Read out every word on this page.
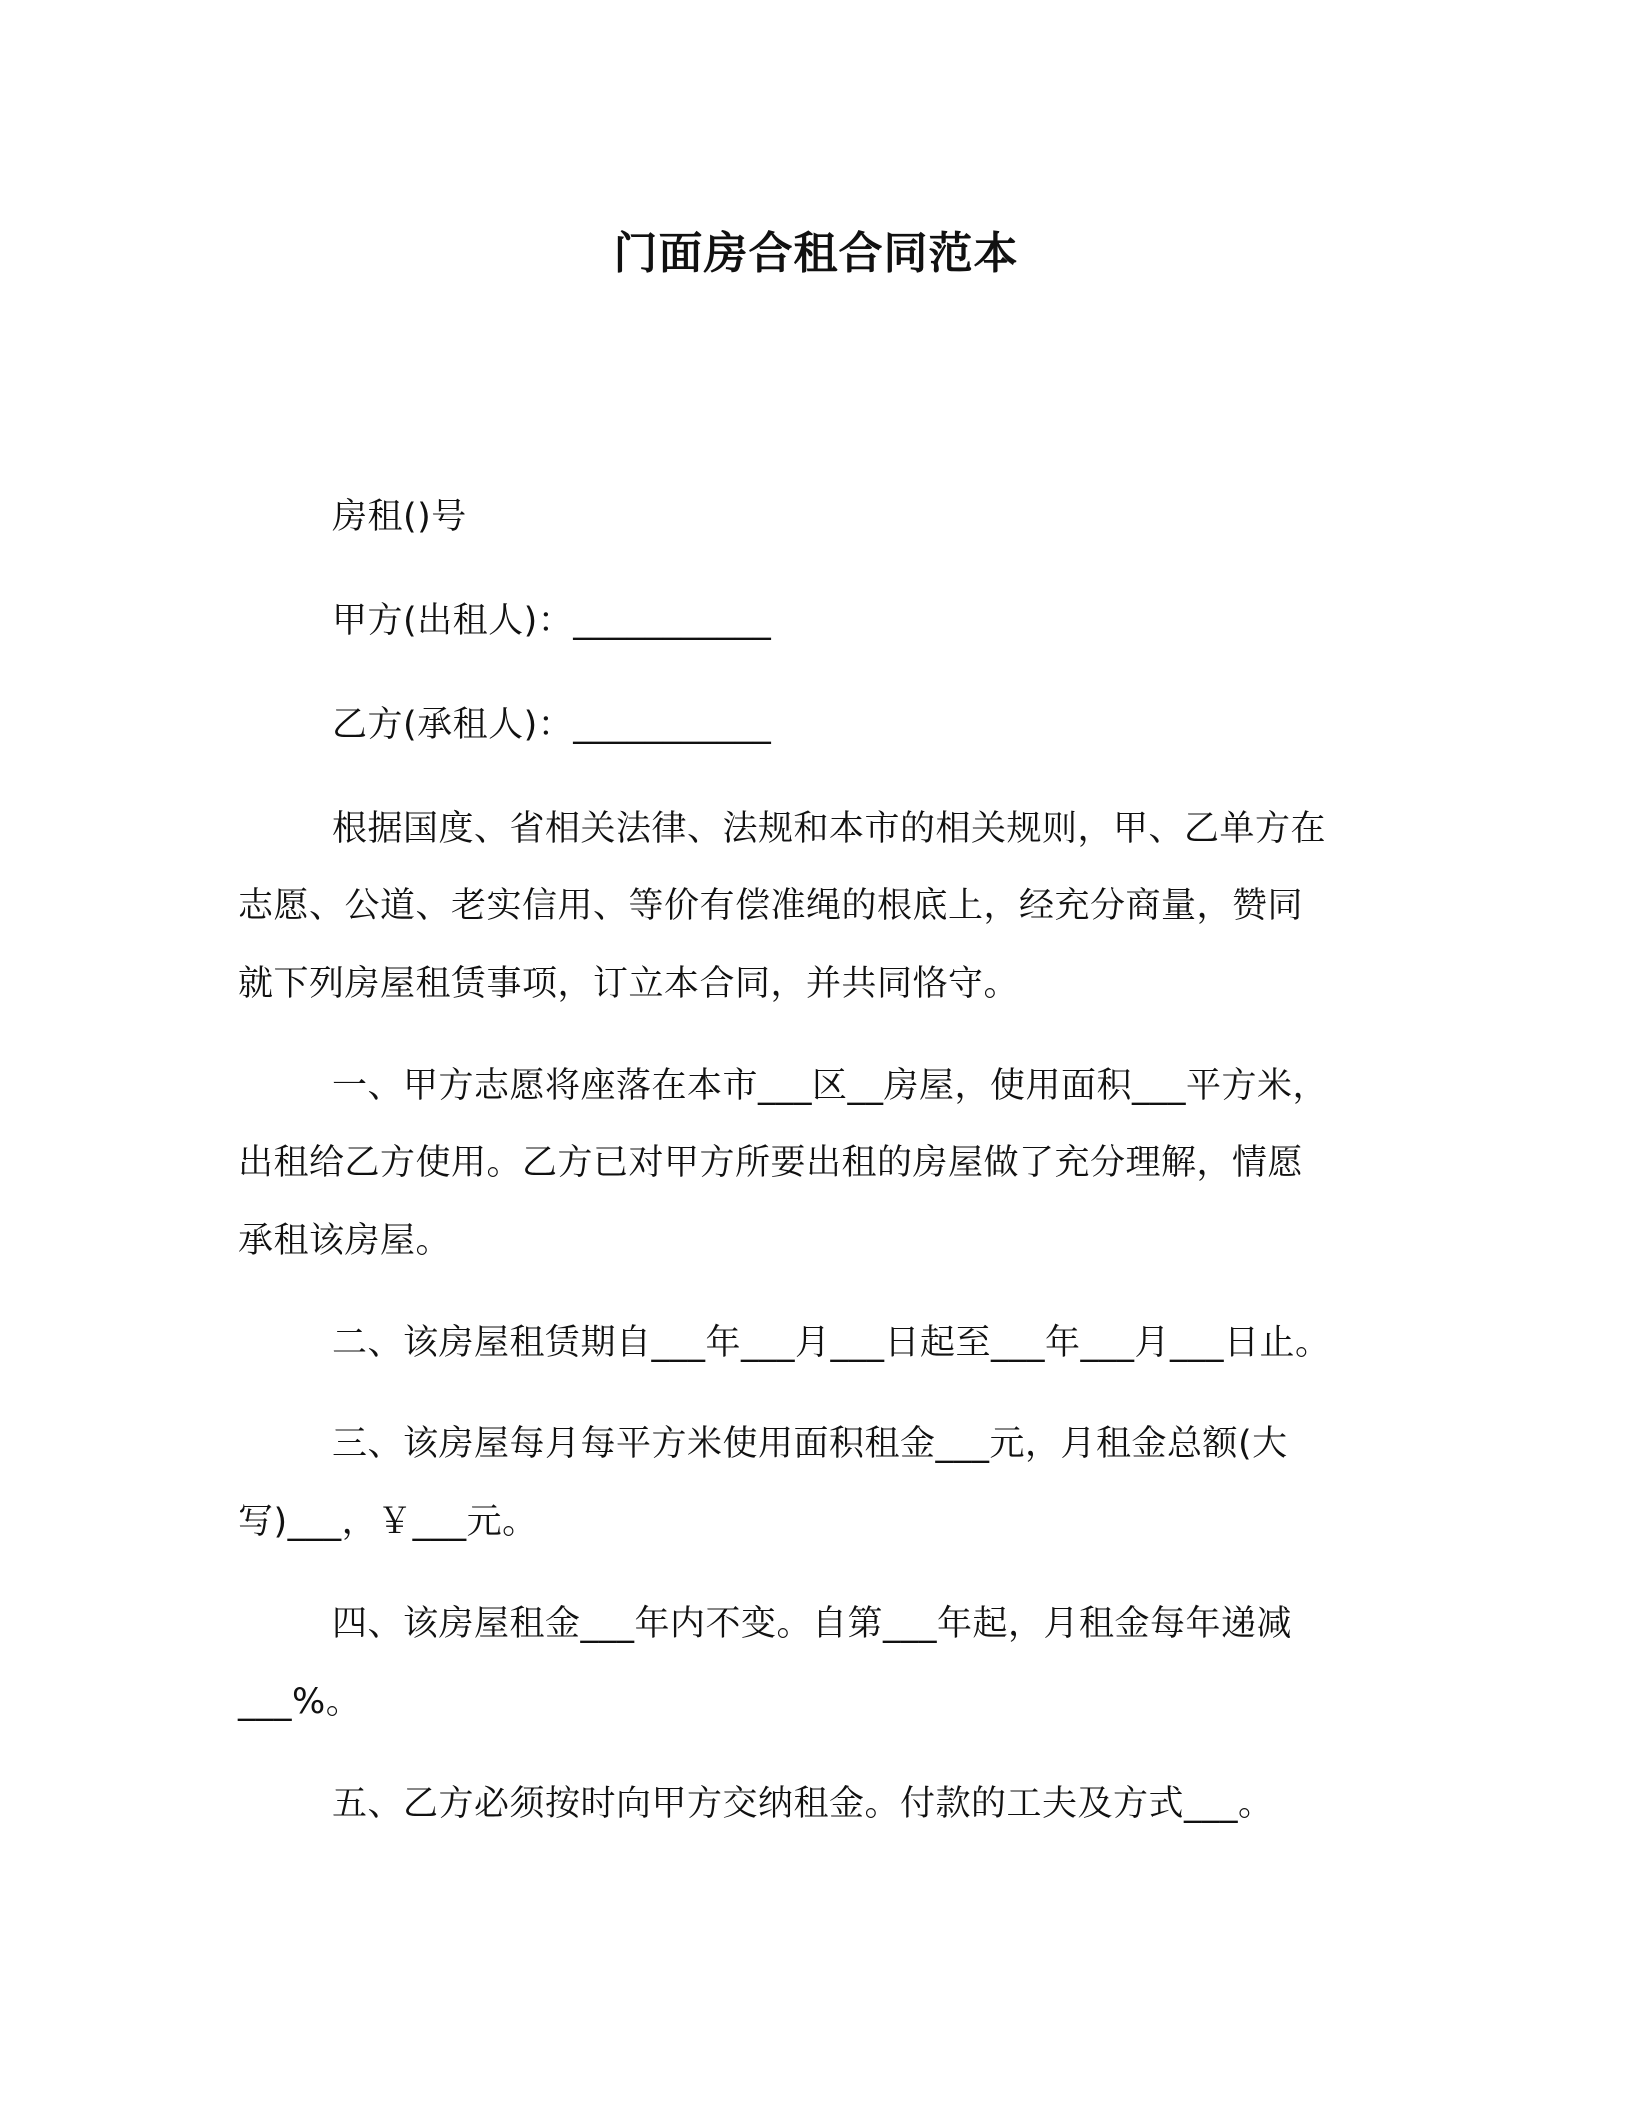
门面房合租合同范本
房租()号
甲方(出租人)：___________
乙方(承租人)：___________
根据国度、省相关法律、法规和本市的相关规则，甲、乙单方在
志愿、公道、老实信用、等价有偿准绳的根底上，经充分商量，赞同
就下列房屋租赁事项，订立本合同，并共同恪守。
一、甲方志愿将座落在本市___区__房屋，使用面积___平方米，
出租给乙方使用。乙方已对甲方所要出租的房屋做了充分理解，情愿
承租该房屋。
二、该房屋租赁期自___年___月___日起至___年___月___日止。
三、该房屋每月每平方米使用面积租金___元，月租金总额(大
写)___，￥___元。
四、该房屋租金___年内不变。自第___年起，月租金每年递减
___%。
五、乙方必须按时向甲方交纳租金。付款的工夫及方式___。
